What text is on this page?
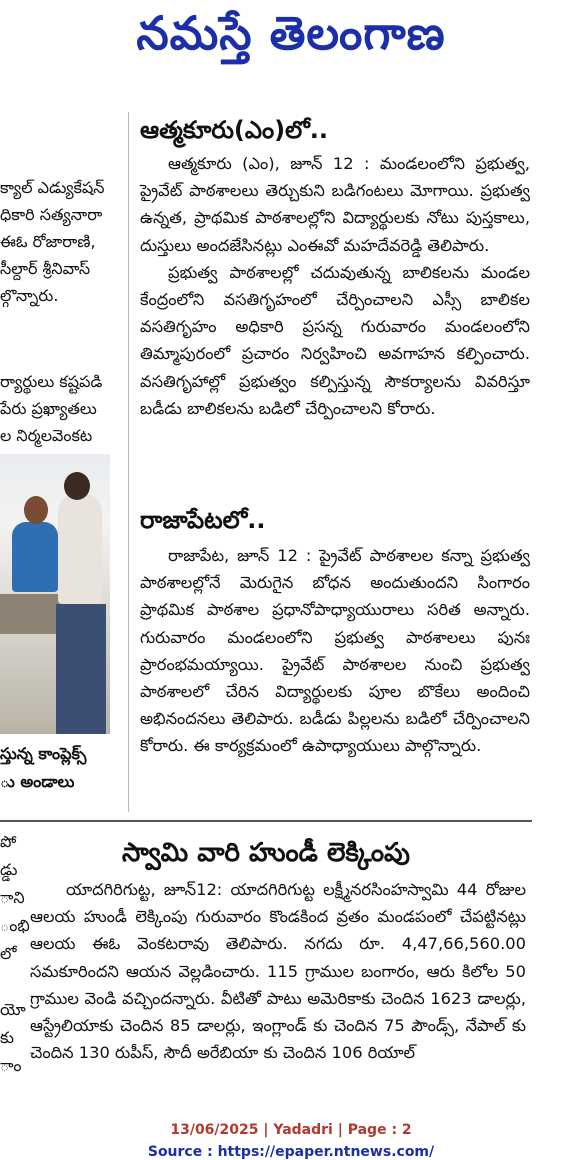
నమస్తే తెలంగాణ
క్యాల్ ఎడ్యుకేషన్
ధికారి సత్యనారా
ఈఓ రోజారాణి,
సీల్దార్ శ్రీనివాస్
ల్గొన్నారు.
ర్యార్థులు కష్టపడి
పేరు ప్రఖ్యాతలు
ల నిర్మలవెంకట
స్తున్న కాంప్లెక్స్
ు అండాలు
పో
డ్డు
ాని
ంభి
లో
యో
కు
ాం
ఆత్మకూరు(ఎం)లో..

ఆత్మకూరు (ఎం), జూన్ 12 : మండలంలోని ప్రభుత్వ, ప్రైవేట్ పాఠశాలలు తెర్చుకుని బడిగంటలు మోగాయి. ప్రభుత్వ ఉన్నత, ప్రాథమిక పాఠశాలల్లోని విద్యార్థులకు నోటు పుస్తకాలు, దుస్తులు అందజేసినట్లు ఎంఈవో మహదేవరెడ్డి తెలిపారు.

ప్రభుత్వ పాఠశాలల్లో చదువుతున్న బాలికలను మండల కేంద్రంలోని వసతిగృహంలో చేర్పించాలని ఎస్సీ బాలికల వసతిగృహం అధికారి ప్రసన్న గురువారం మండలంలోని తిమ్మాపురంలో ప్రచారం నిర్వహించి అవగాహన కల్పించారు. వసతిగృహాల్లో ప్రభుత్వం కల్పిస్తున్న సౌకర్యాలను వివరిస్తూ బడీడు బాలికలను బడిలో చేర్పించాలని కోరారు.

రాజాపేటలో..

రాజాపేట, జూన్ 12 : ప్రైవేట్ పాఠశాలల కన్నా ప్రభుత్వ పాఠశాలల్లోనే మెరుగైన బోధన అందుతుందని సింగారం ప్రాథమిక పాఠశాల ప్రధానోపాధ్యాయురాలు సరిత అన్నారు. గురువారం మండలంలోని ప్రభుత్వ పాఠశాలలు పునః ప్రారంభమయ్యాయి. ప్రైవేట్ పాఠశాలల నుంచి ప్రభుత్వ పాఠశాలలో చేరిన విద్యార్థులకు పూల బొకేలు అందించి అభినందనలు తెలిపారు. బడీడు పిల్లలను బడిలో చేర్పించాలని కోరారు. ఈ కార్యక్రమంలో ఉపాధ్యాయులు పాల్గొన్నారు.

స్వామి వారి హుండీ లెక్కింపు

యాదగిరిగుట్ట, జూన్12: యాదగిరిగుట్ట లక్ష్మీనరసింహస్వామి 44 రోజుల ఆలయ హుండీ లెక్కింపు గురువారం కొండకింద వ్రతం మండపంలో చేపట్టినట్లు ఆలయ ఈఓ వెంకటరావు తెలిపారు. నగదు రూ. 4,47,66,560.00 సమకూరిందని ఆయన వెల్లడించారు. 115 గ్రాముల బంగారం, ఆరు కిలోల 50 గ్రాముల వెండి వచ్చిందన్నారు. వీటితో పాటు అమెరికాకు చెందిన 1623 డాలర్లు, ఆస్ట్రేలియాకు చెందిన 85 డాలర్లు, ఇంగ్లాండ్ కు చెందిన 75 పౌండ్స్, నేపాల్ కు చెందిన 130 రుపీస్, సౌదీ అరేబియా కు చెందిన 106 రియాల్

13/06/2025 | Yadadri | Page : 2
Source : https://epaper.ntnews.com/
